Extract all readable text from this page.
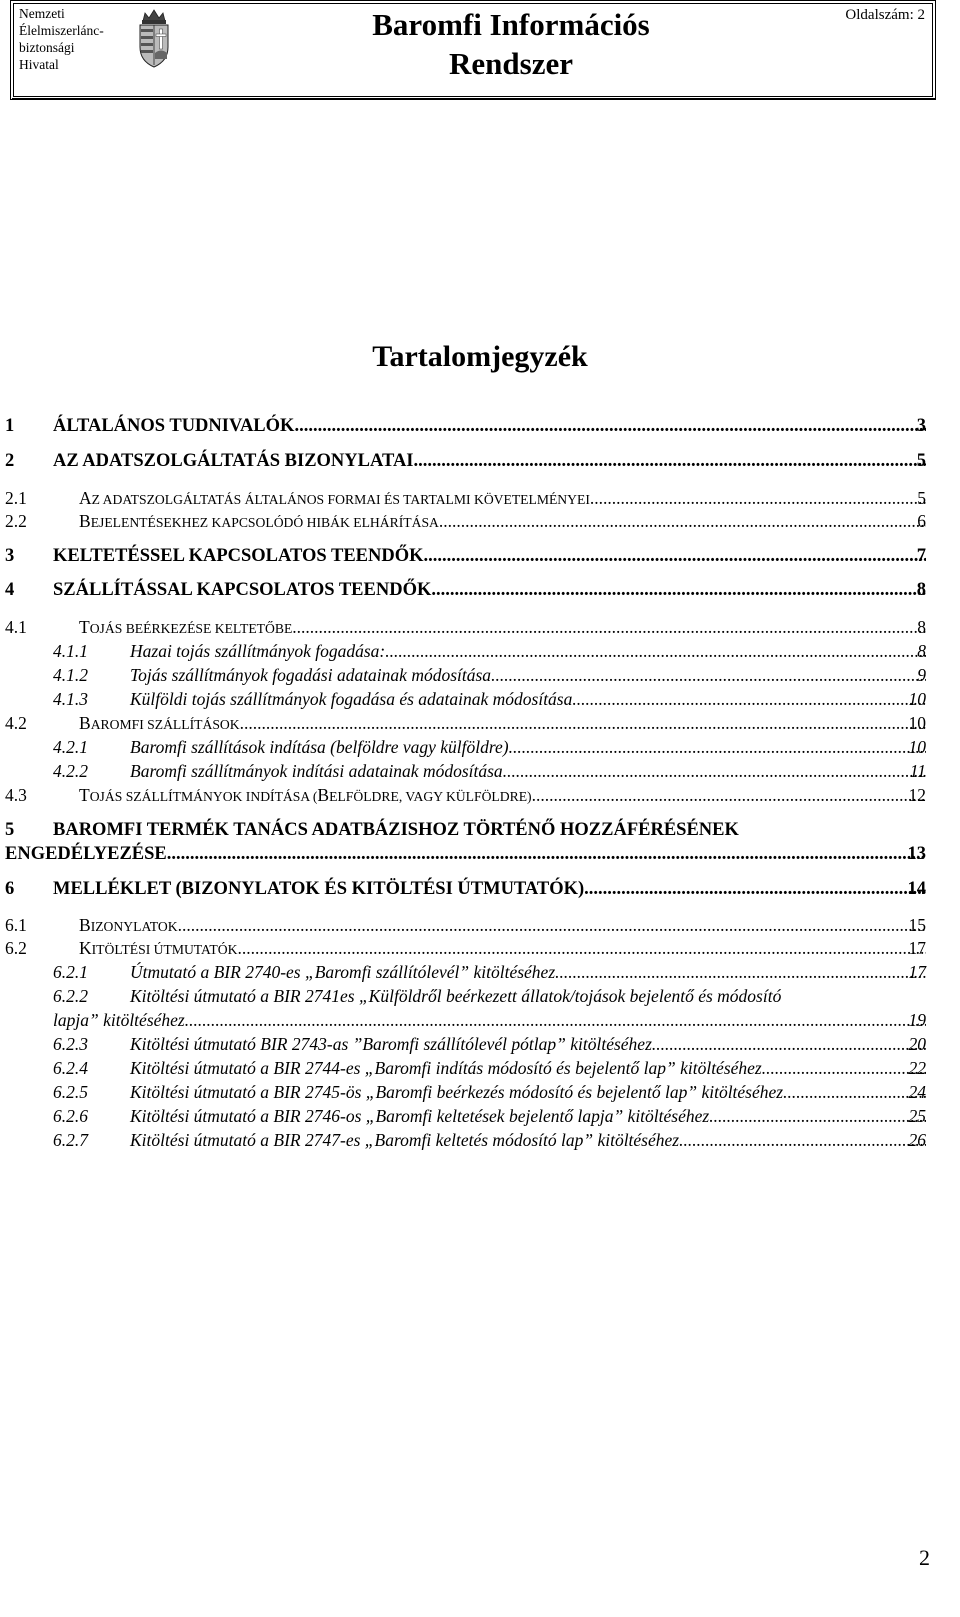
Nemzeti
Élelmiszerlánc-
biztonsági
Hivatal
Baromfi Információs
Rendszer
Oldalszám: 2
Tartalomjegyzék
1 ÁLTALÁNOS TUDNIVALÓK .....	3
2 AZ ADATSZOLGÁLTATÁS BIZONYLATAI .....	5
2.1	AZ ADATSZOLGÁLTATÁS ÁLTALÁNOS FORMAI ÉS TARTALMI KÖVETELMÉNYEI .....	5
2.2	BEJELENTÉSEKHEZ KAPCSOLÓDÓ HIBÁK ELHÁRÍTÁSA .....	6
3 KELTETÉSSEL KAPCSOLATOS TEENDŐK .....	7
4 SZÁLLÍTÁSSAL KAPCSOLATOS TEENDŐK .....	8
4.1	TOJÁS BEÉRKEZÉSE KELTETŐBE .....	8
4.1.1 Hazai tojás szállítmányok fogadása: .....	8
4.1.2 Tojás szállítmányok fogadási adatainak módosítása .....	9
4.1.3 Külföldi tojás szállítmányok fogadása és adatainak módosítása .....	10
4.2	BAROMFI SZÁLLÍTÁSOK .....	10
4.2.1 Baromfi szállítások indítása (belföldre vagy külföldre) .....	10
4.2.2 Baromfi szállítmányok indítási adatainak módosítása .....	11
4.3	TOJÁS SZÁLLÍTMÁNYOK INDÍTÁSA (BELFÖLDRE, VAGY KÜLFÖLDRE) .....	12
5 BAROMFI TERMÉK TANÁCS ADATBÁZISHOZ TÖRTÉNŐ HOZZÁFÉRÉSÉNEK
ENGEDÉLYEZÉSE .....	13
6 MELLÉKLET (BIZONYLATOK ÉS KITÖLTÉSI ÚTMUTATÓK) .....	14
6.1	BIZONYLATOK .....	15
6.2	KITÖLTÉSI ÚTMUTATÓK .....	17
6.2.1 Útmutató a BIR 2740-es „Baromfi szállítólevél” kitöltéséhez .....	17
6.2.2 Kitöltési útmutató a BIR 2741es „Külföldről beérkezett állatok/tojások bejelentő és módosító
lapja” kitöltéséhez .....	19
6.2.3 Kitöltési útmutató BIR 2743-as ”Baromfi szállítólevél pótlap” kitöltéséhez .....	20
6.2.4 Kitöltési útmutató a BIR 2744-es „Baromfi indítás módosító és bejelentő lap” kitöltéséhez .....	22
6.2.5 Kitöltési útmutató a BIR 2745-ös „Baromfi beérkezés módosító és bejelentő lap” kitöltéséhez .....	24
6.2.6 Kitöltési útmutató a BIR 2746-os „Baromfi keltetések bejelentő lapja” kitöltéséhez .....	25
6.2.7 Kitöltési útmutató a BIR 2747-es „Baromfi keltetés módosító lap” kitöltéséhez .....	26
2
